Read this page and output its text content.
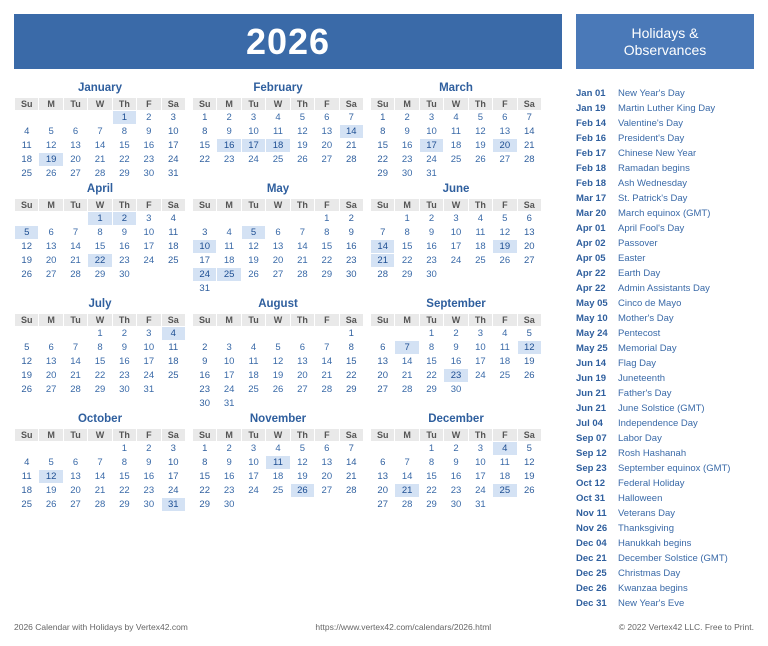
2026	Holidays &
Observances
January
Su	M	Tu	W	Th	F	Sa
				1	2	3
4	5	6	7	8	9	10
11	12	13	14	15	16	17
18	19	20	21	22	23	24
25	26	27	28	29	30	31
February
Su	M	Tu	W	Th	F	Sa
1	2	3	4	5	6	7
8	9	10	11	12	13	14
15	16	17	18	19	20	21
22	23	24	25	26	27	28
March
Su	M	Tu	W	Th	F	Sa
1	2	3	4	5	6	7
8	9	10	11	12	13	14
15	16	17	18	19	20	21
22	23	24	25	26	27	28
29	30	31				
April
Su	M	Tu	W	Th	F	Sa
			1	2	3	4
5	6	7	8	9	10	11
12	13	14	15	16	17	18
19	20	21	22	23	24	25
26	27	28	29	30		
May
Su	M	Tu	W	Th	F	Sa
					1	2
3	4	5	6	7	8	9
10	11	12	13	14	15	16
17	18	19	20	21	22	23
24	25	26	27	28	29	30
31						
June
Su	M	Tu	W	Th	F	Sa
	1	2	3	4	5	6
7	8	9	10	11	12	13
14	15	16	17	18	19	20
21	22	23	24	25	26	27
28	29	30				
July
Su	M	Tu	W	Th	F	Sa
			1	2	3	4
5	6	7	8	9	10	11
12	13	14	15	16	17	18
19	20	21	22	23	24	25
26	27	28	29	30	31	
August
Su	M	Tu	W	Th	F	Sa
						1
2	3	4	5	6	7	8
9	10	11	12	13	14	15
16	17	18	19	20	21	22
23	24	25	26	27	28	29
30	31					
September
Su	M	Tu	W	Th	F	Sa
		1	2	3	4	5
6	7	8	9	10	11	12
13	14	15	16	17	18	19
20	21	22	23	24	25	26
27	28	29	30			
October
Su	M	Tu	W	Th	F	Sa
				1	2	3
4	5	6	7	8	9	10
11	12	13	14	15	16	17
18	19	20	21	22	23	24
25	26	27	28	29	30	31
November
Su	M	Tu	W	Th	F	Sa
1	2	3	4	5	6	7
8	9	10	11	12	13	14
15	16	17	18	19	20	21
22	23	24	25	26	27	28
29	30					
December
Su	M	Tu	W	Th	F	Sa
		1	2	3	4	5
6	7	8	9	10	11	12
13	14	15	16	17	18	19
20	21	22	23	24	25	26
27	28	29	30	31		
Jan 01	New Year's Day
Jan 19	Martin Luther King Day
Feb 14	Valentine's Day
Feb 16	President's Day
Feb 17	Chinese New Year
Feb 18	Ramadan begins
Feb 18	Ash Wednesday
Mar 17	St. Patrick's Day
Mar 20	March equinox (GMT)
Apr 01	April Fool's Day
Apr 02	Passover
Apr 05	Easter
Apr 22	Earth Day
Apr 22	Admin Assistants Day
May 05	Cinco de Mayo
May 10	Mother's Day
May 24	Pentecost
May 25	Memorial Day
Jun 14	Flag Day
Jun 19	Juneteenth
Jun 21	Father's Day
Jun 21	June Solstice (GMT)
Jul 04	Independence Day
Sep 07	Labor Day
Sep 12	Rosh Hashanah
Sep 23	September equinox (GMT)
Oct 12	Federal Holiday
Oct 31	Halloween
Nov 11	Veterans Day
Nov 26	Thanksgiving
Dec 04	Hanukkah begins
Dec 21	December Solstice (GMT)
Dec 25	Christmas Day
Dec 26	Kwanzaa begins
Dec 31	New Year's Eve
2026 Calendar with Holidays by Vertex42.com	https://www.vertex42.com/calendars/2026.html	© 2022 Vertex42 LLC. Free to Print.
